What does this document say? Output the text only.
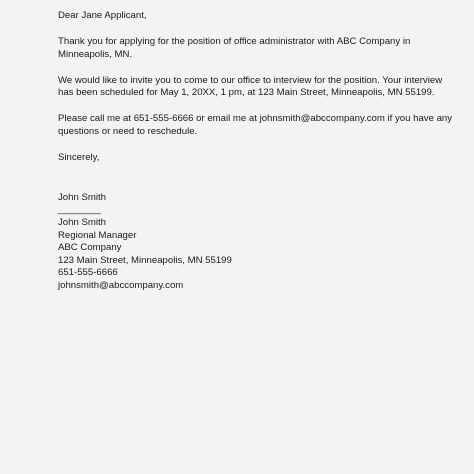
Dear Jane Applicant,

Thank you for applying for the position of office administrator with ABC Company in
Minneapolis, MN.

We would like to invite you to come to our office to interview for the position. Your interview
has been scheduled for May 1, 20XX, 1 pm, at 123 Main Street, Minneapolis, MN 55199.

Please call me at 651-555-6666 or email me at johnsmith@abccompany.com if you have any
questions or need to reschedule.

Sincerely,

John Smith
________

John Smith
Regional Manager
ABC Company
123 Main Street, Minneapolis, MN 55199
651-555-6666
johnsmith@abccompany.com
